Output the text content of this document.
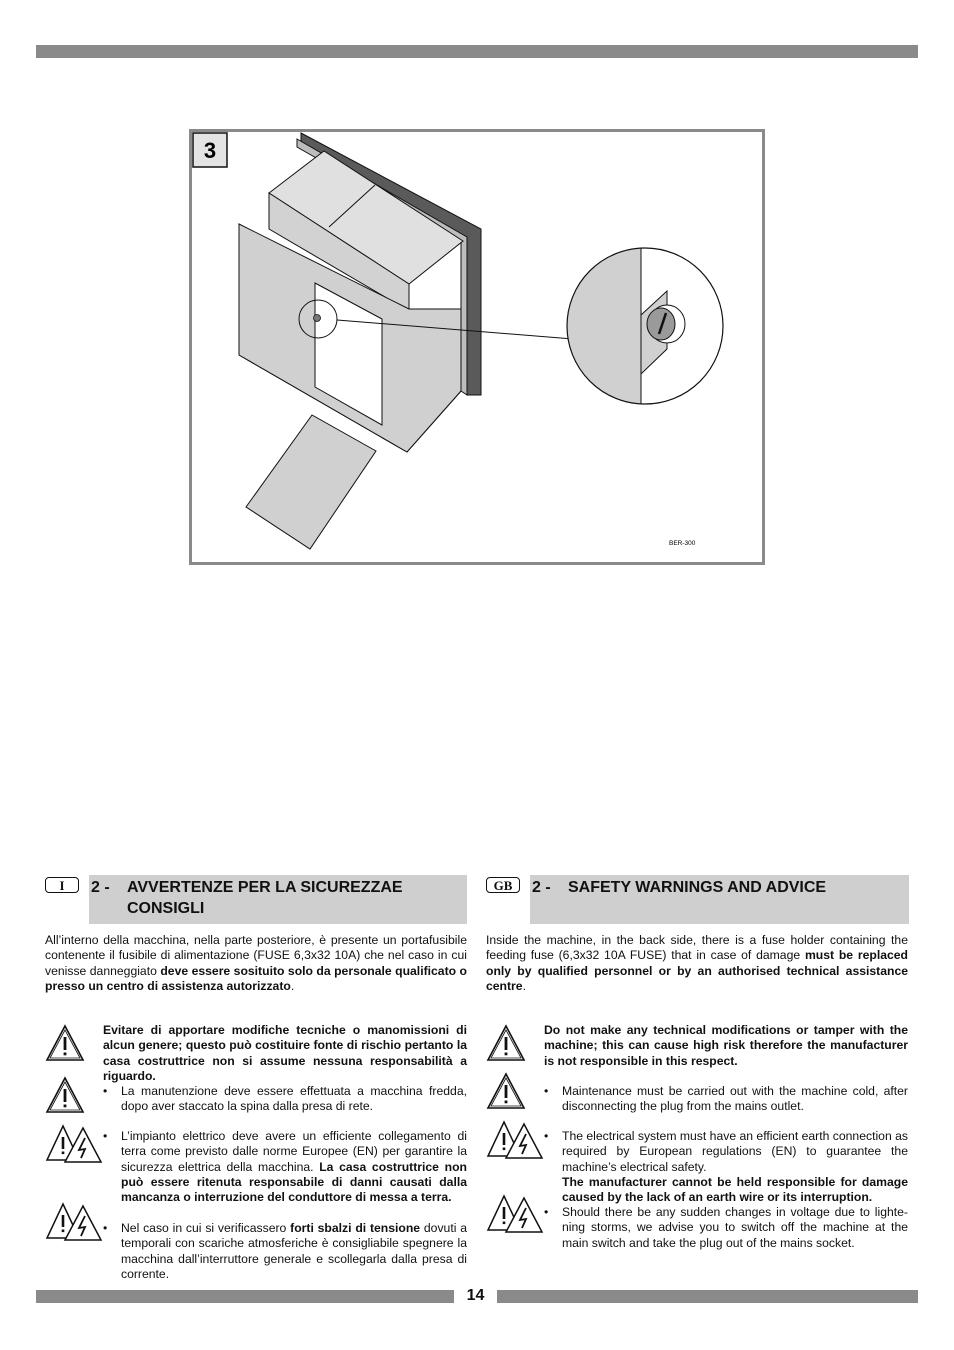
3
BER-300
I	2 - AVVERTENZE PER LA SICUREZZAE CONSIGLI
All’interno della macchina, nella parte posteriore, è presente un portafusibile contenente il fusibile di alimentazione (FUSE 6,3x32 10A) che nel caso in cui venisse danneggiato deve essere sosituito solo da personale qualificato o presso un centro di assistenza autorizzato.
Evitare di apportare modifiche tecniche o manomissioni di alcun genere; questo può costituire fonte di rischio pertanto la casa costruttrice non si assume nessuna responsabilità a riguardo.
• La manutenzione deve essere effettuata a macchina fredda, dopo aver staccato la spina dalla presa di rete.
• L’impianto elettrico deve avere un efficiente collegamento di terra come previsto dalle norme Europee (EN) per garantire la sicurezza elettrica della macchina. La casa costruttrice non può essere ritenuta responsabile di danni causati dalla mancanza o interruzione del conduttore di messa a terra.
• Nel caso in cui si verificassero forti sbalzi di tensione dovuti a temporali con scariche atmosferiche è consigliabile spegnere la macchina dall’interruttore generale e scollegarla dalla presa di corrente.
GB	2 - SAFETY WARNINGS AND ADVICE
Inside the machine, in the back side, there is a fuse holder containing the feeding fuse (6,3x32 10A FUSE) that in case of damage must be replaced only by qualified personnel or by an authorised technical assistance centre.
Do not make any technical modifications or tamper with the machine; this can cause high risk therefore the manufacturer is not responsible in this respect.
• Maintenance must be carried out with the machine cold, after disconnecting the plug from the mains outlet.
• The electrical system must have an efficient earth connection as required by European regulations (EN) to guarantee the machine’s electrical safety.
The manufacturer cannot be held responsible for damage caused by the lack of an earth wire or its interruption.
• Should there be any sudden changes in voltage due to lighte-ning storms, we advise you to switch off the machine at the main switch and take the plug out of the mains socket.
14
